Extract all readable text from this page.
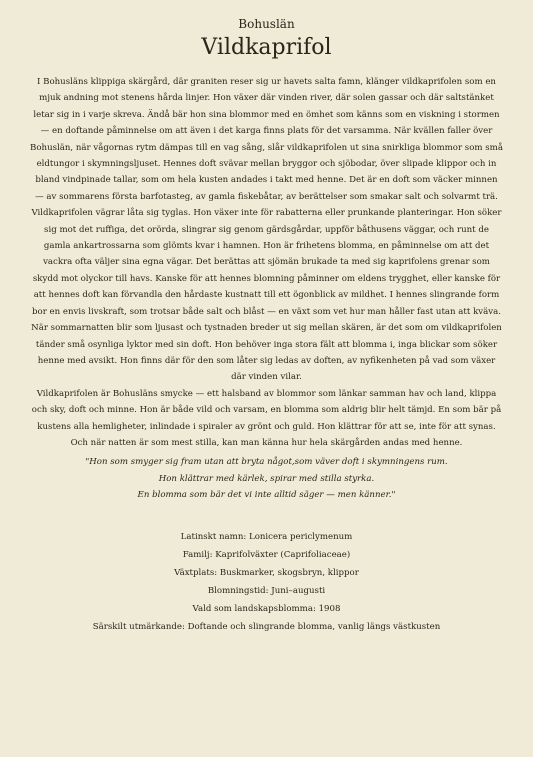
Bohuslän

Vildkaprifol

I Bohusläns klippiga skärgård, där graniten reser sig ur havets salta famn, klänger vildkaprifolen som en mjuk andning mot stenens hårda linjer. Hon växer där vinden river, där solen gassar och där saltstänket letar sig in i varje skreva. Ändå bär hon sina blommor med en ömhet som känns som en viskning i stormen — en doftande påminnelse om att även i det karga finns plats för det varsamma. När kvällen faller över Bohuslän, när vågornas rytm dämpas till en vag sång, slår vildkaprifolen ut sina snirkliga blommor som små eldtungor i skymningsljuset. Hennes doft svävar mellan bryggor och sjöbodar, över slipade klippor och in bland vindpinade tallar, som om hela kusten andades i takt med henne. Det är en doft som väcker minnen — av sommarens första barfotasteg, av gamla fiskebåtar, av berättelser som smakar salt och solvarmt trä. Vildkaprifolen vägrar låta sig tyglas. Hon växer inte för rabatterna eller prunkande planteringar. Hon söker sig mot det ruffiga, det orörda, slingrar sig genom gärdsgårdar, uppför båthusens väggar, och runt de gamla ankartrossarna som glömts kvar i hamnen. Hon är frihetens blomma, en påminnelse om att det vackra ofta väljer sina egna vägar. Det berättas att sjömän brukade ta med sig kaprifolens grenar som skydd mot olyckor till havs. Kanske för att hennes blomning påminner om eldens trygghet, eller kanske för att hennes doft kan förvandla den hårdaste kustnatt till ett ögonblick av mildhet. I hennes slingrande form bor en envis livskraft, som trotsar både salt och blåst — en växt som vet hur man håller fast utan att kväva. När sommarnatten blir som ljusast och tystnaden breder ut sig mellan skären, är det som om vildkaprifolen tänder små osynliga lyktor med sin doft. Hon behöver inga stora fält att blomma i, inga blickar som söker henne med avsikt. Hon finns där för den som låter sig ledas av doften, av nyfikenheten på vad som växer där vinden vilar.

Vildkaprifolen är Bohusläns smycke — ett halsband av blommor som länkar samman hav och land, klippa och sky, doft och minne. Hon är både vild och varsam, en blomma som aldrig blir helt tämjd. En som bär på kustens alla hemligheter, inlindade i spiraler av grönt och guld. Hon klättrar för att se, inte för att synas. Och när natten är som mest stilla, kan man känna hur hela skärgården andas med henne.

"Hon som smyger sig fram utan att bryta något,som väver doft i skymningens rum.

Hon klättrar med kärlek, spirar med stilla styrka.

En blomma som bär det vi inte alltid säger — men känner."

Latinskt namn: Lonicera periclymenum

Familj: Kaprifolväxter (Caprifoliaceae)

Växtplats: Buskmarker, skogsbryn, klippor

Blomningstid: Juni–augusti

Vald som landskapsblomma: 1908

Särskilt utmärkande: Doftande och slingrande blomma, vanlig längs västkusten
